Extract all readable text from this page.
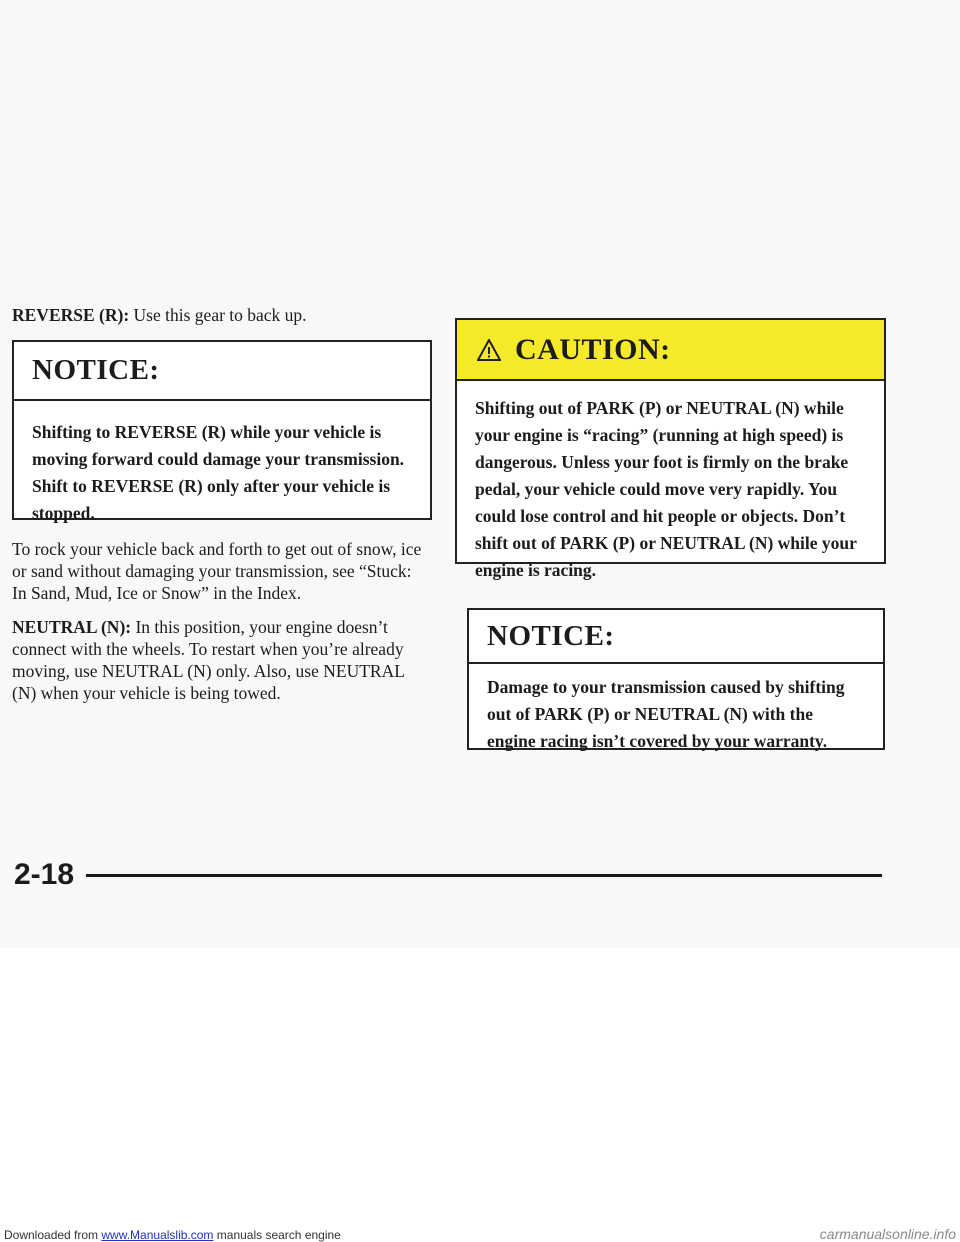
REVERSE (R): Use this gear to back up.

NOTICE:
Shifting to REVERSE (R) while your vehicle is moving forward could damage your transmission. Shift to REVERSE (R) only after your vehicle is stopped.

To rock your vehicle back and forth to get out of snow, ice or sand without damaging your transmission, see “Stuck: In Sand, Mud, Ice or Snow” in the Index.

NEUTRAL (N): In this position, your engine doesn’t connect with the wheels. To restart when you’re already moving, use NEUTRAL (N) only. Also, use NEUTRAL (N) when your vehicle is being towed.

CAUTION:
Shifting out of PARK (P) or NEUTRAL (N) while your engine is “racing” (running at high speed) is dangerous. Unless your foot is firmly on the brake pedal, your vehicle could move very rapidly. You could lose control and hit people or objects. Don’t shift out of PARK (P) or NEUTRAL (N) while your engine is racing.
NOTICE:
Damage to your transmission caused by shifting out of PARK (P) or NEUTRAL (N) with the engine racing isn’t covered by your warranty.
2-18
Downloaded from www.Manualslib.com manuals search engine	carmanualsonline.info
